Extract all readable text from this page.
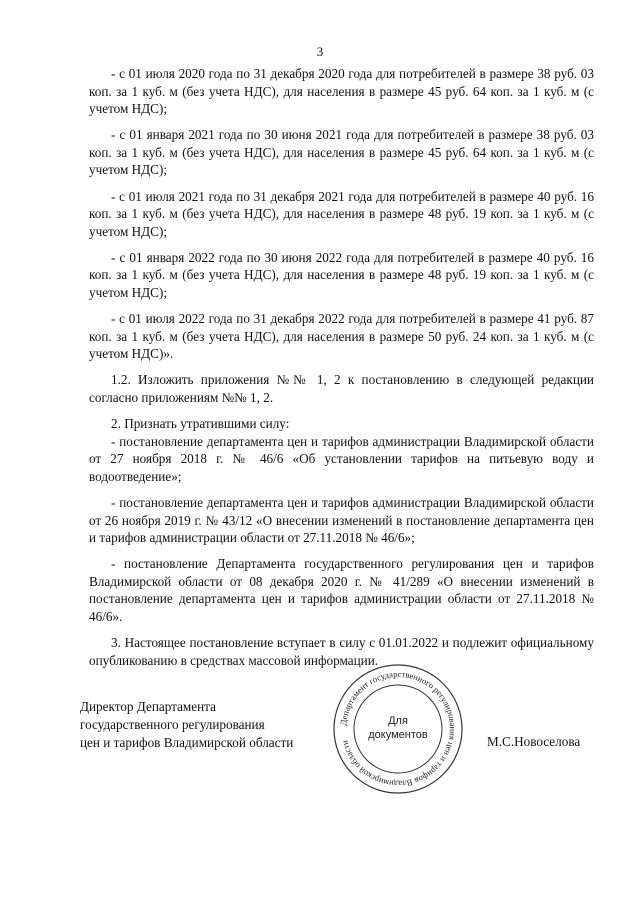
3

- с 01 июля 2020 года по 31 декабря 2020 года для потребителей в размере 38 руб. 03 коп. за 1 куб. м (без учета НДС), для населения в размере 45 руб. 64 коп. за 1 куб. м (с учетом НДС);

- с 01 января 2021 года по 30 июня 2021 года для потребителей в размере 38 руб. 03 коп. за 1 куб. м (без учета НДС), для населения в размере 45 руб. 64 коп. за 1 куб. м (с учетом НДС);

- с 01 июля 2021 года по 31 декабря 2021 года для потребителей в размере 40 руб. 16 коп. за 1 куб. м (без учета НДС), для населения в размере 48 руб. 19 коп. за 1 куб. м (с учетом НДС);

- с 01 января 2022 года по 30 июня 2022 года для потребителей в размере 40 руб. 16 коп. за 1 куб. м (без учета НДС), для населения в размере 48 руб. 19 коп. за 1 куб. м (с учетом НДС);

- с 01 июля 2022 года по 31 декабря 2022 года для потребителей в размере 41 руб. 87 коп. за 1 куб. м (без учета НДС), для населения в размере 50 руб. 24 коп. за 1 куб. м (с учетом НДС)».

1.2. Изложить приложения №№ 1, 2 к постановлению в следующей редакции согласно приложениям №№ 1, 2.

2. Признать утратившими силу:

- постановление департамента цен и тарифов администрации Владимирской области от 27 ноября 2018 г. № 46/6 «Об установлении тарифов на питьевую воду и водоотведение»;

- постановление департамента цен и тарифов администрации Владимирской области от 26 ноября 2019 г. № 43/12 «О внесении изменений в постановление департамента цен и тарифов администрации области от 27.11.2018 № 46/6»;

- постановление Департамента государственного регулирования цен и тарифов Владимирской области от 08 декабря 2020 г. № 41/289 «О внесении изменений в постановление департамента цен и тарифов администрации области от 27.11.2018 № 46/6».

3. Настоящее постановление вступает в силу с 01.01.2022 и подлежит официальному опубликованию в средствах массовой информации.

Директор Департамента
государственного регулирования
цен и тарифов Владимирской области
Департамент государственного регулирования цен и тарифов Владимирской области
Для
документов	М.С.Новоселова
